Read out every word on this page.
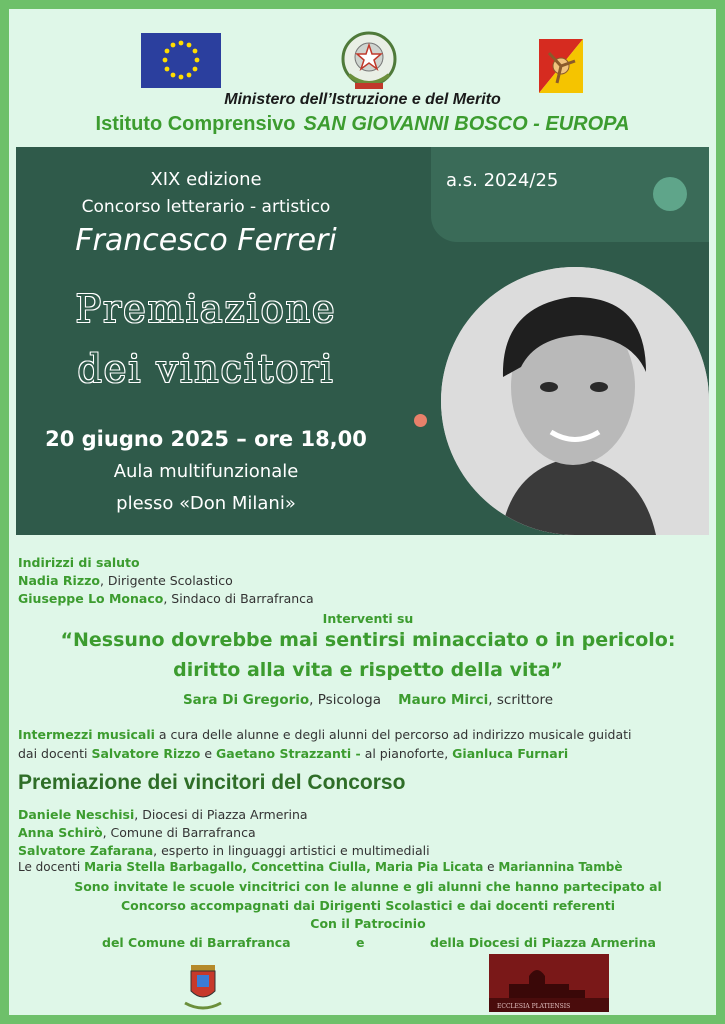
Ministero dell’Istruzione e del Merito
Istituto Comprensivo SAN GIOVANNI BOSCO - EUROPA
XIX edizione
Concorso letterario - artistico
Francesco Ferreri
a.s. 2024/25
Premiazione
dei vincitori
20 giugno 2025 – ore 18,00
Aula multifunzionale
plesso «Don Milani»
Indirizzi di saluto
Nadia Rizzo, Dirigente Scolastico
Giuseppe Lo Monaco, Sindaco di Barrafranca
Interventi su
“Nessuno dovrebbe mai sentirsi minacciato o in pericolo:
diritto alla vita e rispetto della vita”
Sara Di Gregorio, Psicologa Mauro Mirci, scrittore
Intermezzi musicali a cura delle alunne e degli alunni del percorso ad indirizzo musicale guidati
dai docenti Salvatore Rizzo e Gaetano Strazzanti - al pianoforte, Gianluca Furnari
Premiazione dei vincitori del Concorso
Daniele Neschisi, Diocesi di Piazza Armerina
Anna Schirò, Comune di Barrafranca
Salvatore Zafarana, esperto in linguaggi artistici e multimediali
Le docenti Maria Stella Barbagallo, Concettina Ciulla, Maria Pia Licata e Mariannina Tambè
Sono invitate le scuole vincitrici con le alunne e gli alunni che hanno partecipato al
Concorso accompagnati dai Dirigenti Scolastici e dai docenti referenti
Con il Patrocinio
del Comune di Barrafranca	e	della Diocesi di Piazza Armerina
ECCLESIA PLATIENSIS
